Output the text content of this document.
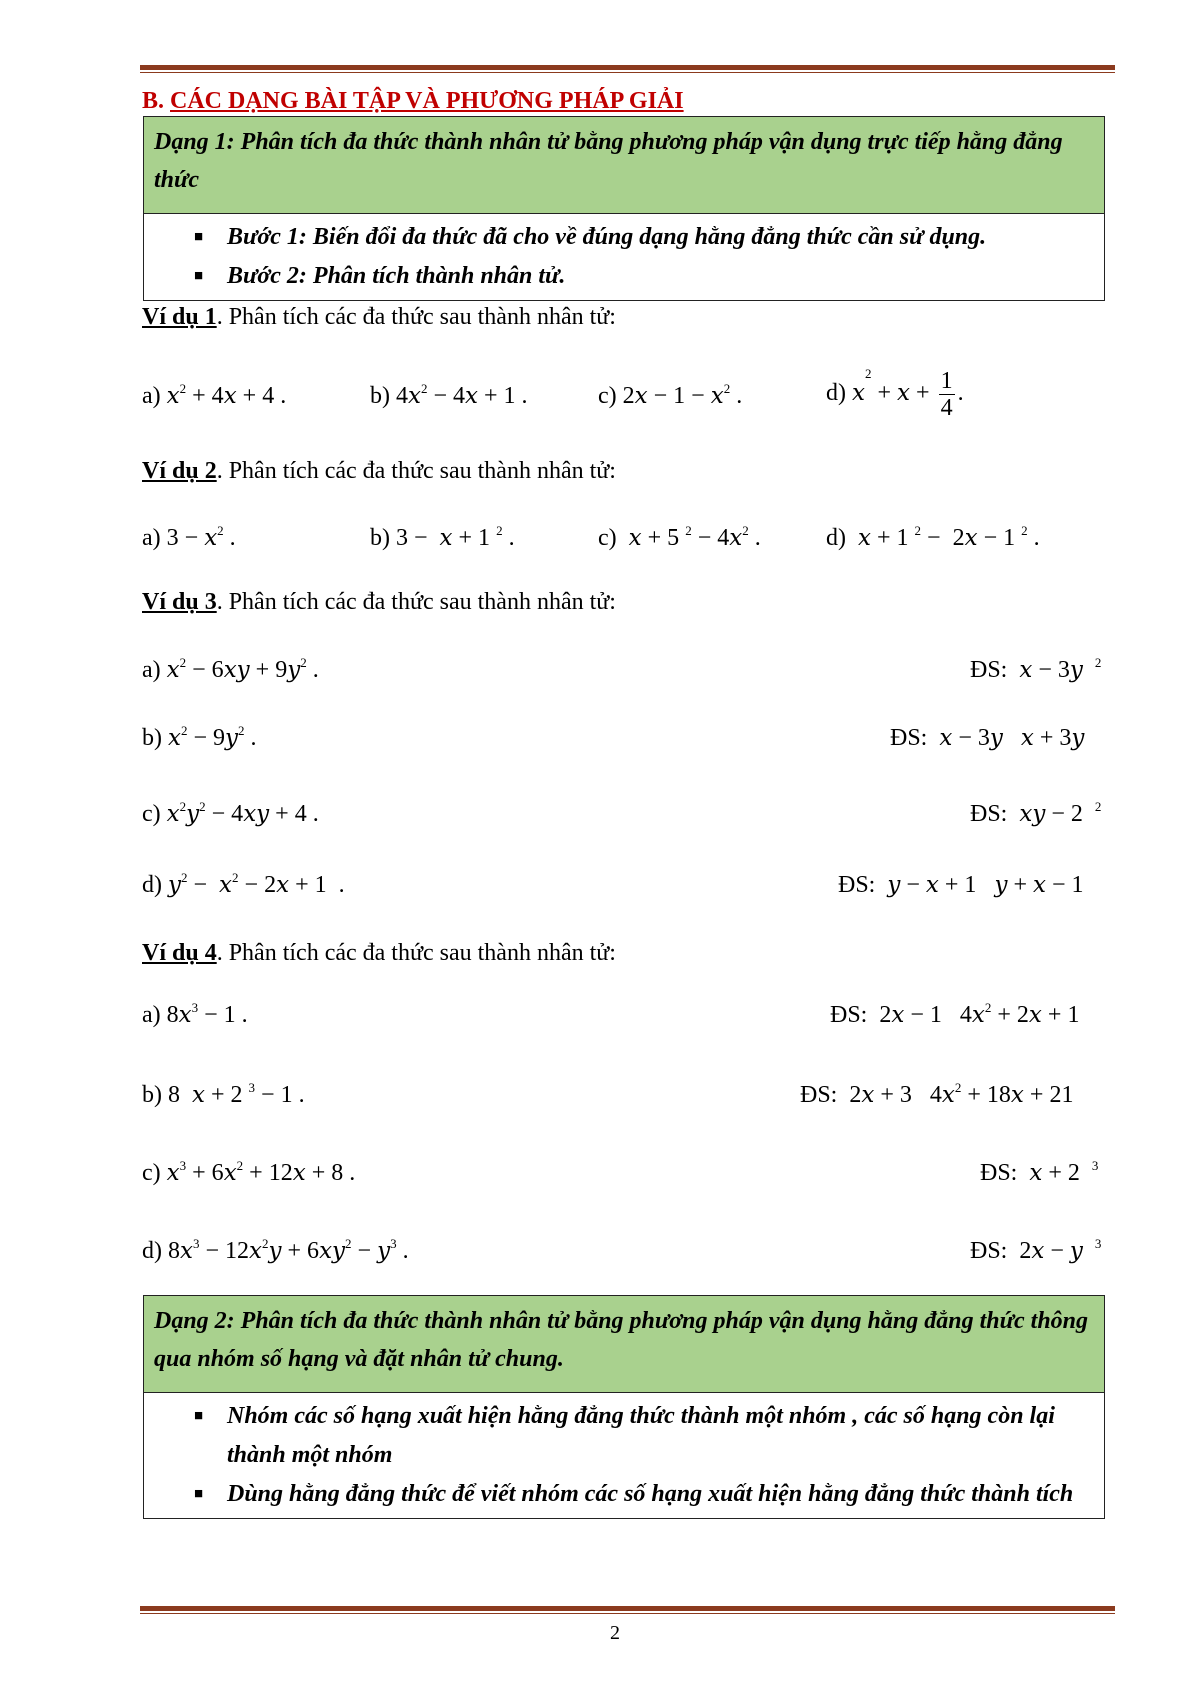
B. CÁC DẠNG BÀI TẬP VÀ PHƯƠNG PHÁP GIẢI
Dạng 1: Phân tích đa thức thành nhân tử bằng phương pháp vận dụng trực tiếp hằng đẳng thức
■ Bước 1: Biến đổi đa thức đã cho về đúng dạng hằng đẳng thức cần sử dụng.
■ Bước 2: Phân tích thành nhân tử.
Ví dụ 1. Phân tích các đa thức sau thành nhân tử:
a) $x^2 + 4x + 4$ .	b) $4x^2 - 4x + 1$ .	c) $2x - 1 - x^2$ .	d) $x^2 + x + \frac{1}{4}$ .
Ví dụ 2. Phân tích các đa thức sau thành nhân tử:
a) $3 - x^2$ .	b) 3 −  x + 1 $^2$ .	c)  x + 5 $^2 - 4x^2$ .	d)  x + 1 $^2$ −  2x − 1 $^2$ .
Ví dụ 3. Phân tích các đa thức sau thành nhân tử:
a) $x^2 - 6xy + 9y^2$ .	ĐS: x − 3y $^2$
b) $x^2 - 9y^2$ .	ĐS: x − 3y x + 3y
c) $x^2y^2 - 4xy + 4$ .	ĐS: xy − 2  $^2$
d) $y^2 - x^2 - 2x + 1$  .	ĐS: y − x + 1   y + x − 1
Ví dụ 4. Phân tích các đa thức sau thành nhân tử:
a) $8x^3 - 1$ .	ĐS:  2x − 1   $4x^2 + 2x + 1$
b) 8  x + 2 $^3$ − 1 .	ĐS:  2x + 3   $4x^2 + 18x + 21$
c) $x^3 + 6x^2 + 12x + 8$ .	ĐS: x + 2  $^3$
d) $8x^3 - 12x^2y + 6xy^2 - y^3$ .	ĐS:  2x − y $^3$
Dạng 2: Phân tích đa thức thành nhân tử bằng phương pháp vận dụng hằng đẳng thức thông qua nhóm số hạng và đặt nhân tử chung.
■ Nhóm các số hạng xuất hiện hằng đẳng thức thành một nhóm , các số hạng còn lại thành một nhóm
■ Dùng hằng đẳng thức để viết nhóm các số hạng xuất hiện hằng đẳng thức thành tích
2
